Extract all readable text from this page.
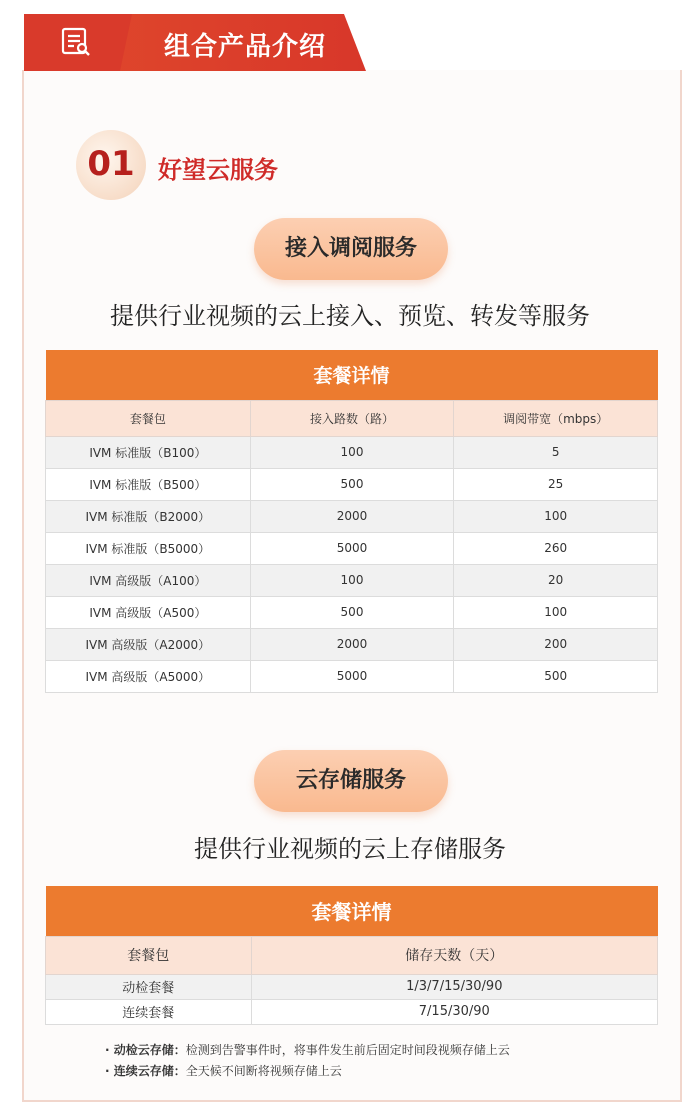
组合产品介绍
01 好望云服务
接入调阅服务
提供行业视频的云上接入、预览、转发等服务
套餐详情		
套餐包	接入路数（路）	调阅带宽（mbps）
IVM 标准版（B100）	100	5
IVM 标准版（B500）	500	25
IVM 标准版（B2000）	2000	100
IVM 标准版（B5000）	5000	260
IVM 高级版（A100）	100	20
IVM 高级版（A500）	500	100
IVM 高级版（A2000）	2000	200
IVM 高级版（A5000）	5000	500
云存储服务
提供行业视频的云上存储服务
套餐详情	
套餐包	储存天数（天）
动检套餐	1/3/7/15/30/90
连续套餐	7/15/30/90
· 动检云存储：检测到告警事件时，将事件发生前后固定时间段视频存储上云
· 连续云存储：全天候不间断将视频存储上云
